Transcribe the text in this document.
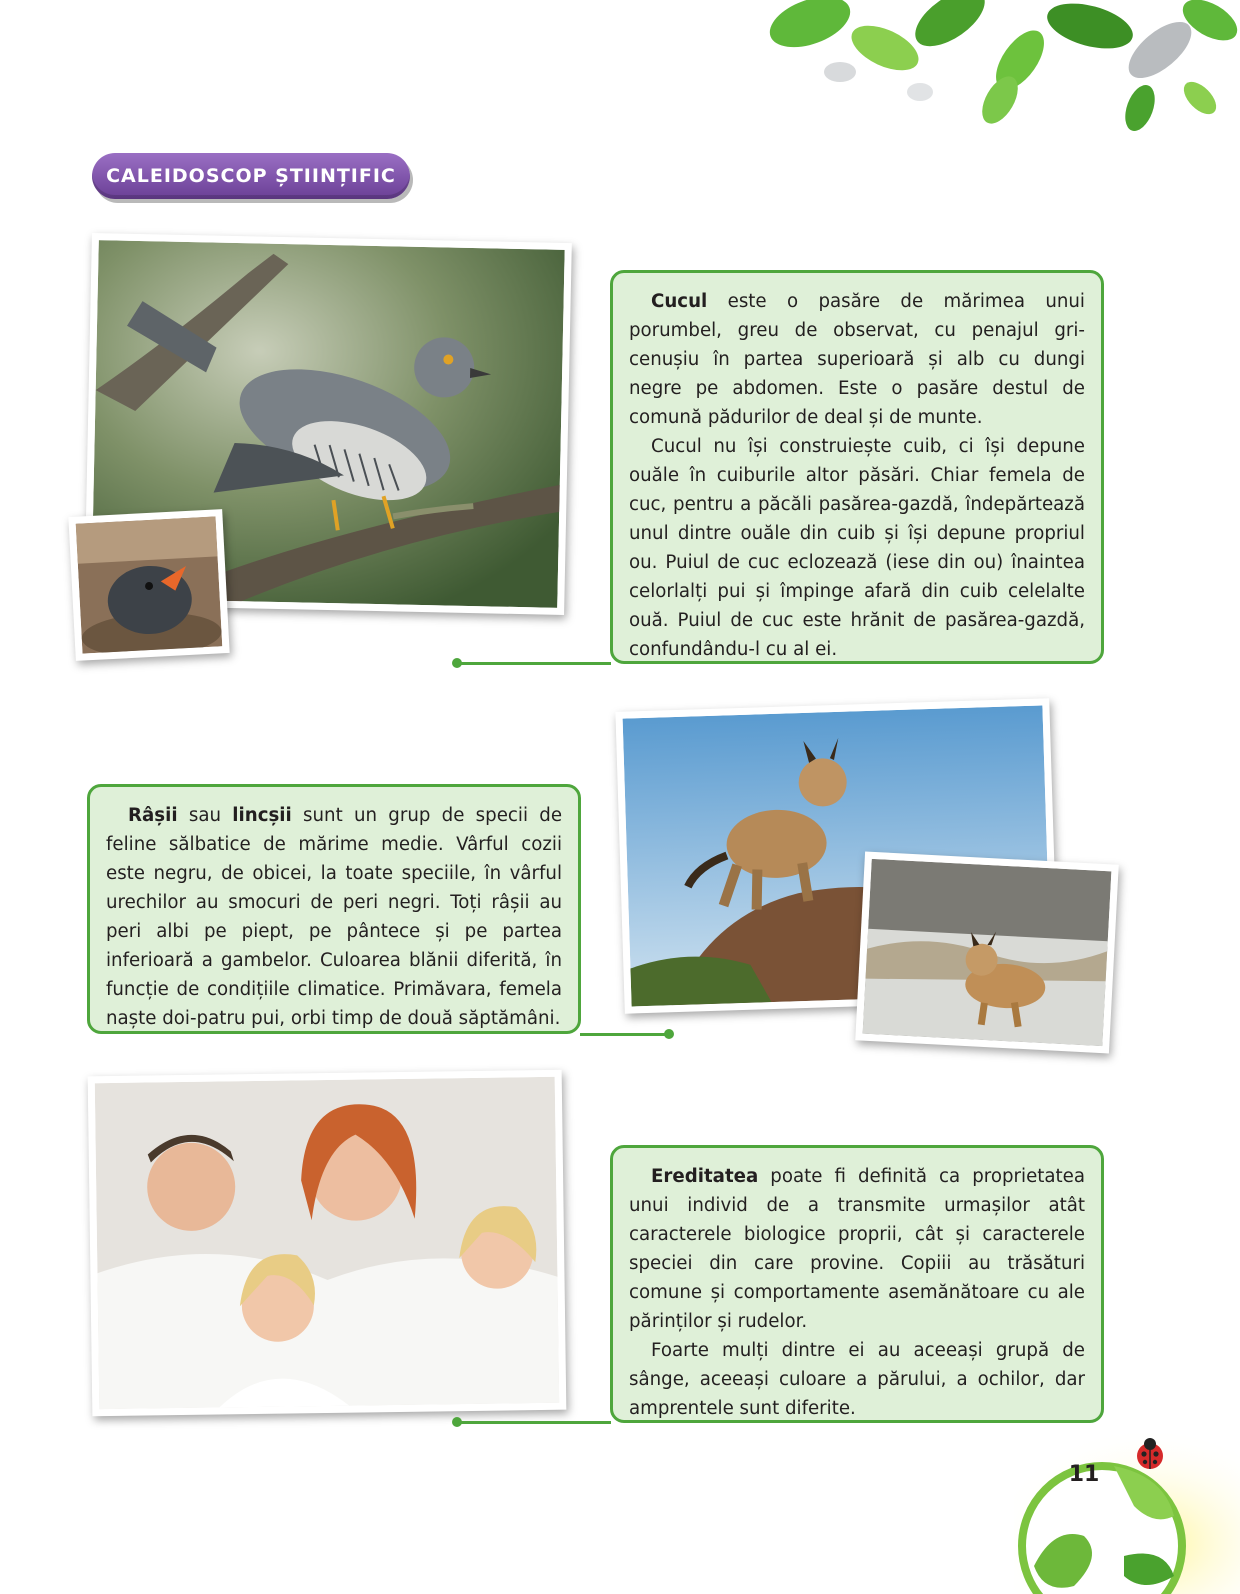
CALEIDOSCOP ȘTIINȚIFIC

Cucul este o pasăre de mărimea unui porumbel, greu de observat, cu penajul gri-cenușiu în partea superioară și alb cu dungi negre pe abdomen. Este o pasăre destul de comună pădurilor de deal și de munte.

Cucul nu își construiește cuib, ci își depune ouăle în cuiburile altor păsări. Chiar femela de cuc, pentru a păcăli pasărea-gazdă, îndepărtează unul dintre ouăle din cuib și își depune propriul ou. Puiul de cuc eclozează (iese din ou) înaintea celorlalți pui și împinge afară din cuib celelalte ouă. Puiul de cuc este hrănit de pasărea-gazdă, confundându-l cu al ei.

Râșii sau lincșii sunt un grup de specii de feline sălbatice de mărime medie. Vârful cozii este negru, de obicei, la toate speciile, în vârful urechilor au smocuri de peri negri. Toți râșii au peri albi pe piept, pe pântece și pe partea inferioară a gambelor. Culoarea blănii diferită, în funcție de condițiile climatice. Primăvara, femela naște doi-patru pui, orbi timp de două săptămâni.

Ereditatea poate fi definită ca proprietatea unui individ de a transmite urmașilor atât caracterele biologice proprii, cât și caracterele speciei din care provine. Copiii au trăsături comune și comportamente asemănătoare cu ale părinților și rudelor.

Foarte mulți dintre ei au aceeași grupă de sânge, aceeași culoare a părului, a ochilor, dar amprentele sunt diferite.

11
